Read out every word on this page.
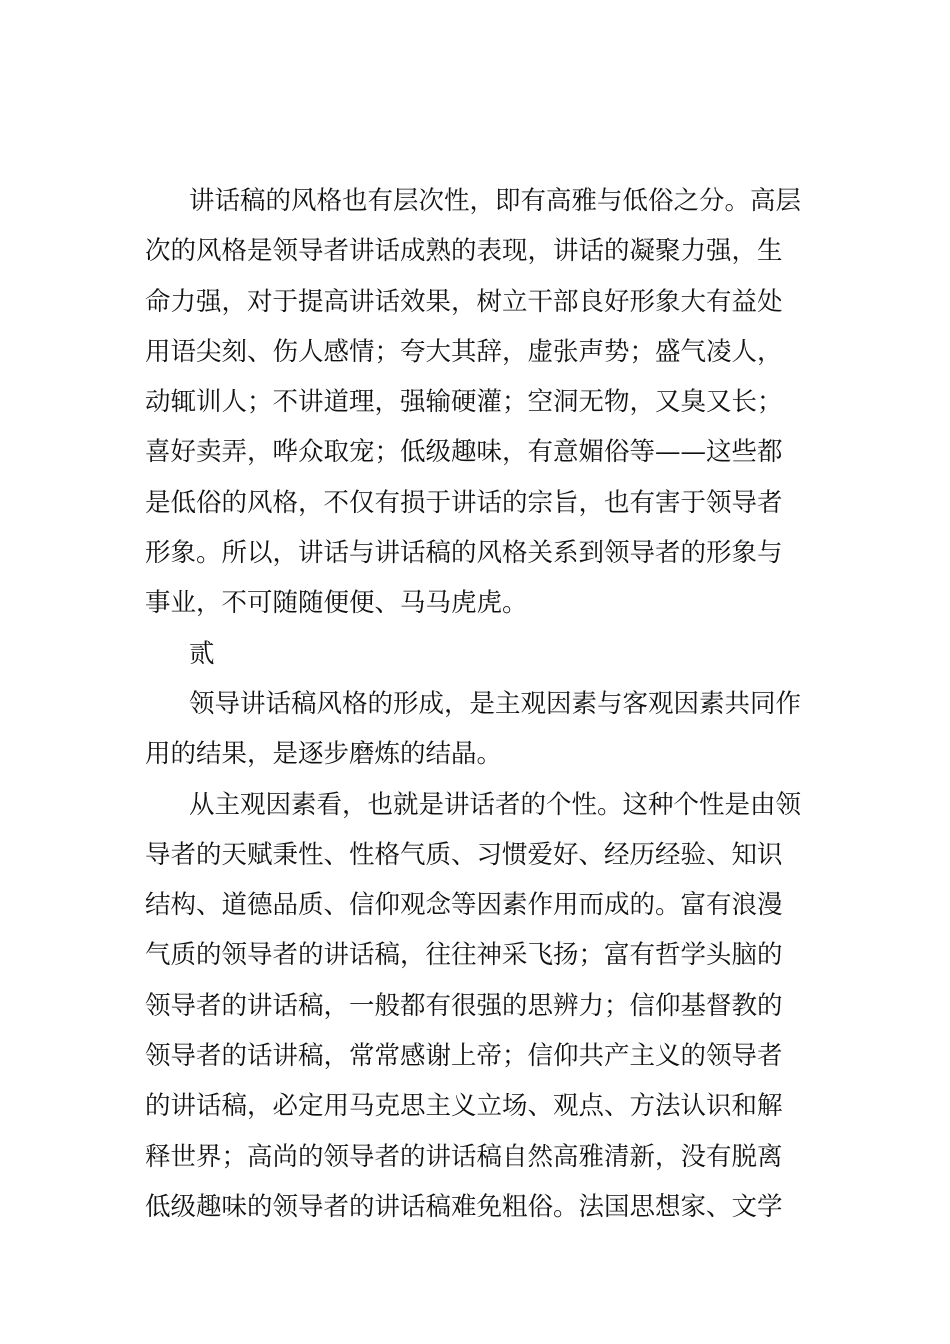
讲话稿的风格也有层次性，即有高雅与低俗之分。高层
次的风格是领导者讲话成熟的表现，讲话的凝聚力强，生
命力强，对于提高讲话效果，树立干部良好形象大有益处
用语尖刻、伤人感情；夸大其辞，虚张声势；盛气凌人，
动辄训人；不讲道理，强输硬灌；空洞无物，又臭又长；
喜好卖弄，哗众取宠；低级趣味，有意媚俗等——这些都
是低俗的风格，不仅有损于讲话的宗旨，也有害于领导者
形象。所以，讲话与讲话稿的风格关系到领导者的形象与
事业，不可随随便便、马马虎虎。
贰
领导讲话稿风格的形成，是主观因素与客观因素共同作
用的结果，是逐步磨炼的结晶。
从主观因素看，也就是讲话者的个性。这种个性是由领
导者的天赋秉性、性格气质、习惯爱好、经历经验、知识
结构、道德品质、信仰观念等因素作用而成的。富有浪漫
气质的领导者的讲话稿，往往神采飞扬；富有哲学头脑的
领导者的讲话稿，一般都有很强的思辨力；信仰基督教的
领导者的话讲稿，常常感谢上帝；信仰共产主义的领导者
的讲话稿，必定用马克思主义立场、观点、方法认识和解
释世界；高尚的领导者的讲话稿自然高雅清新，没有脱离
低级趣味的领导者的讲话稿难免粗俗。法国思想家、文学
